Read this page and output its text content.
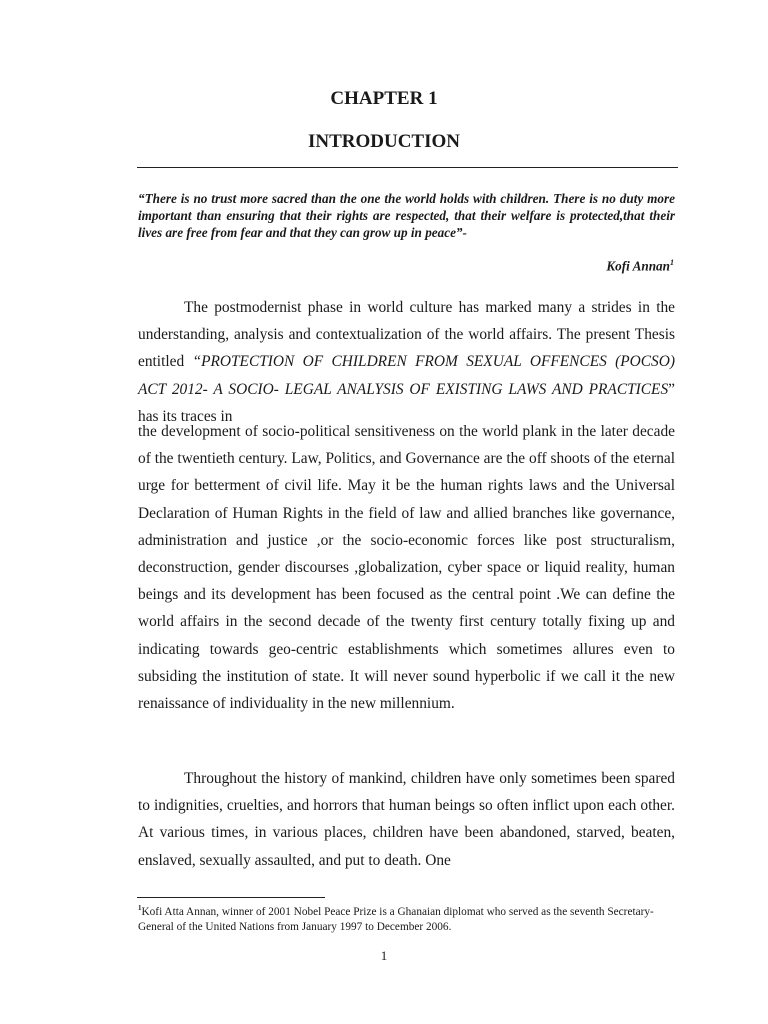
CHAPTER 1
INTRODUCTION

“There is no trust more sacred than the one the world holds with children. There is no duty more important than ensuring that their rights are respected, that their welfare is protected,that their lives are free from fear and that they can grow up in peace”-

Kofi Annan$^1$

The postmodernist phase in world culture has marked many a strides in the understanding, analysis and contextualization of the world affairs. The present Thesis entitled “PROTECTION OF CHILDREN FROM SEXUAL OFFENCES (POCSO) ACT 2012- A SOCIO- LEGAL ANALYSIS OF EXISTING LAWS AND PRACTICES” has its traces in

the development of socio-political sensitiveness on the world plank in the later decade of the twentieth century. Law, Politics, and Governance are the off shoots of the eternal urge for betterment of civil life. May it be the human rights laws and the Universal Declaration of Human Rights in the field of law and allied branches like governance, administration and justice ,or the socio-economic forces like post structuralism, deconstruction, gender discourses ,globalization, cyber space or liquid reality, human beings and its development has been focused as the central point .We can define the world affairs in the second decade of the twenty first century totally fixing up and indicating towards geo-centric establishments which sometimes allures even to subsiding the institution of state. It will never sound hyperbolic if we call it the new renaissance of individuality in the new millennium.

Throughout the history of mankind, children have only sometimes been spared to indignities, cruelties, and horrors that human beings so often inflict upon each other. At various times, in various places, children have been abandoned, starved, beaten, enslaved, sexually assaulted, and put to death. One

$^1$Kofi Atta Annan, winner of 2001 Nobel Peace Prize is a Ghanaian diplomat who served as the seventh Secretary-General of the United Nations from January 1997 to December 2006.

1
